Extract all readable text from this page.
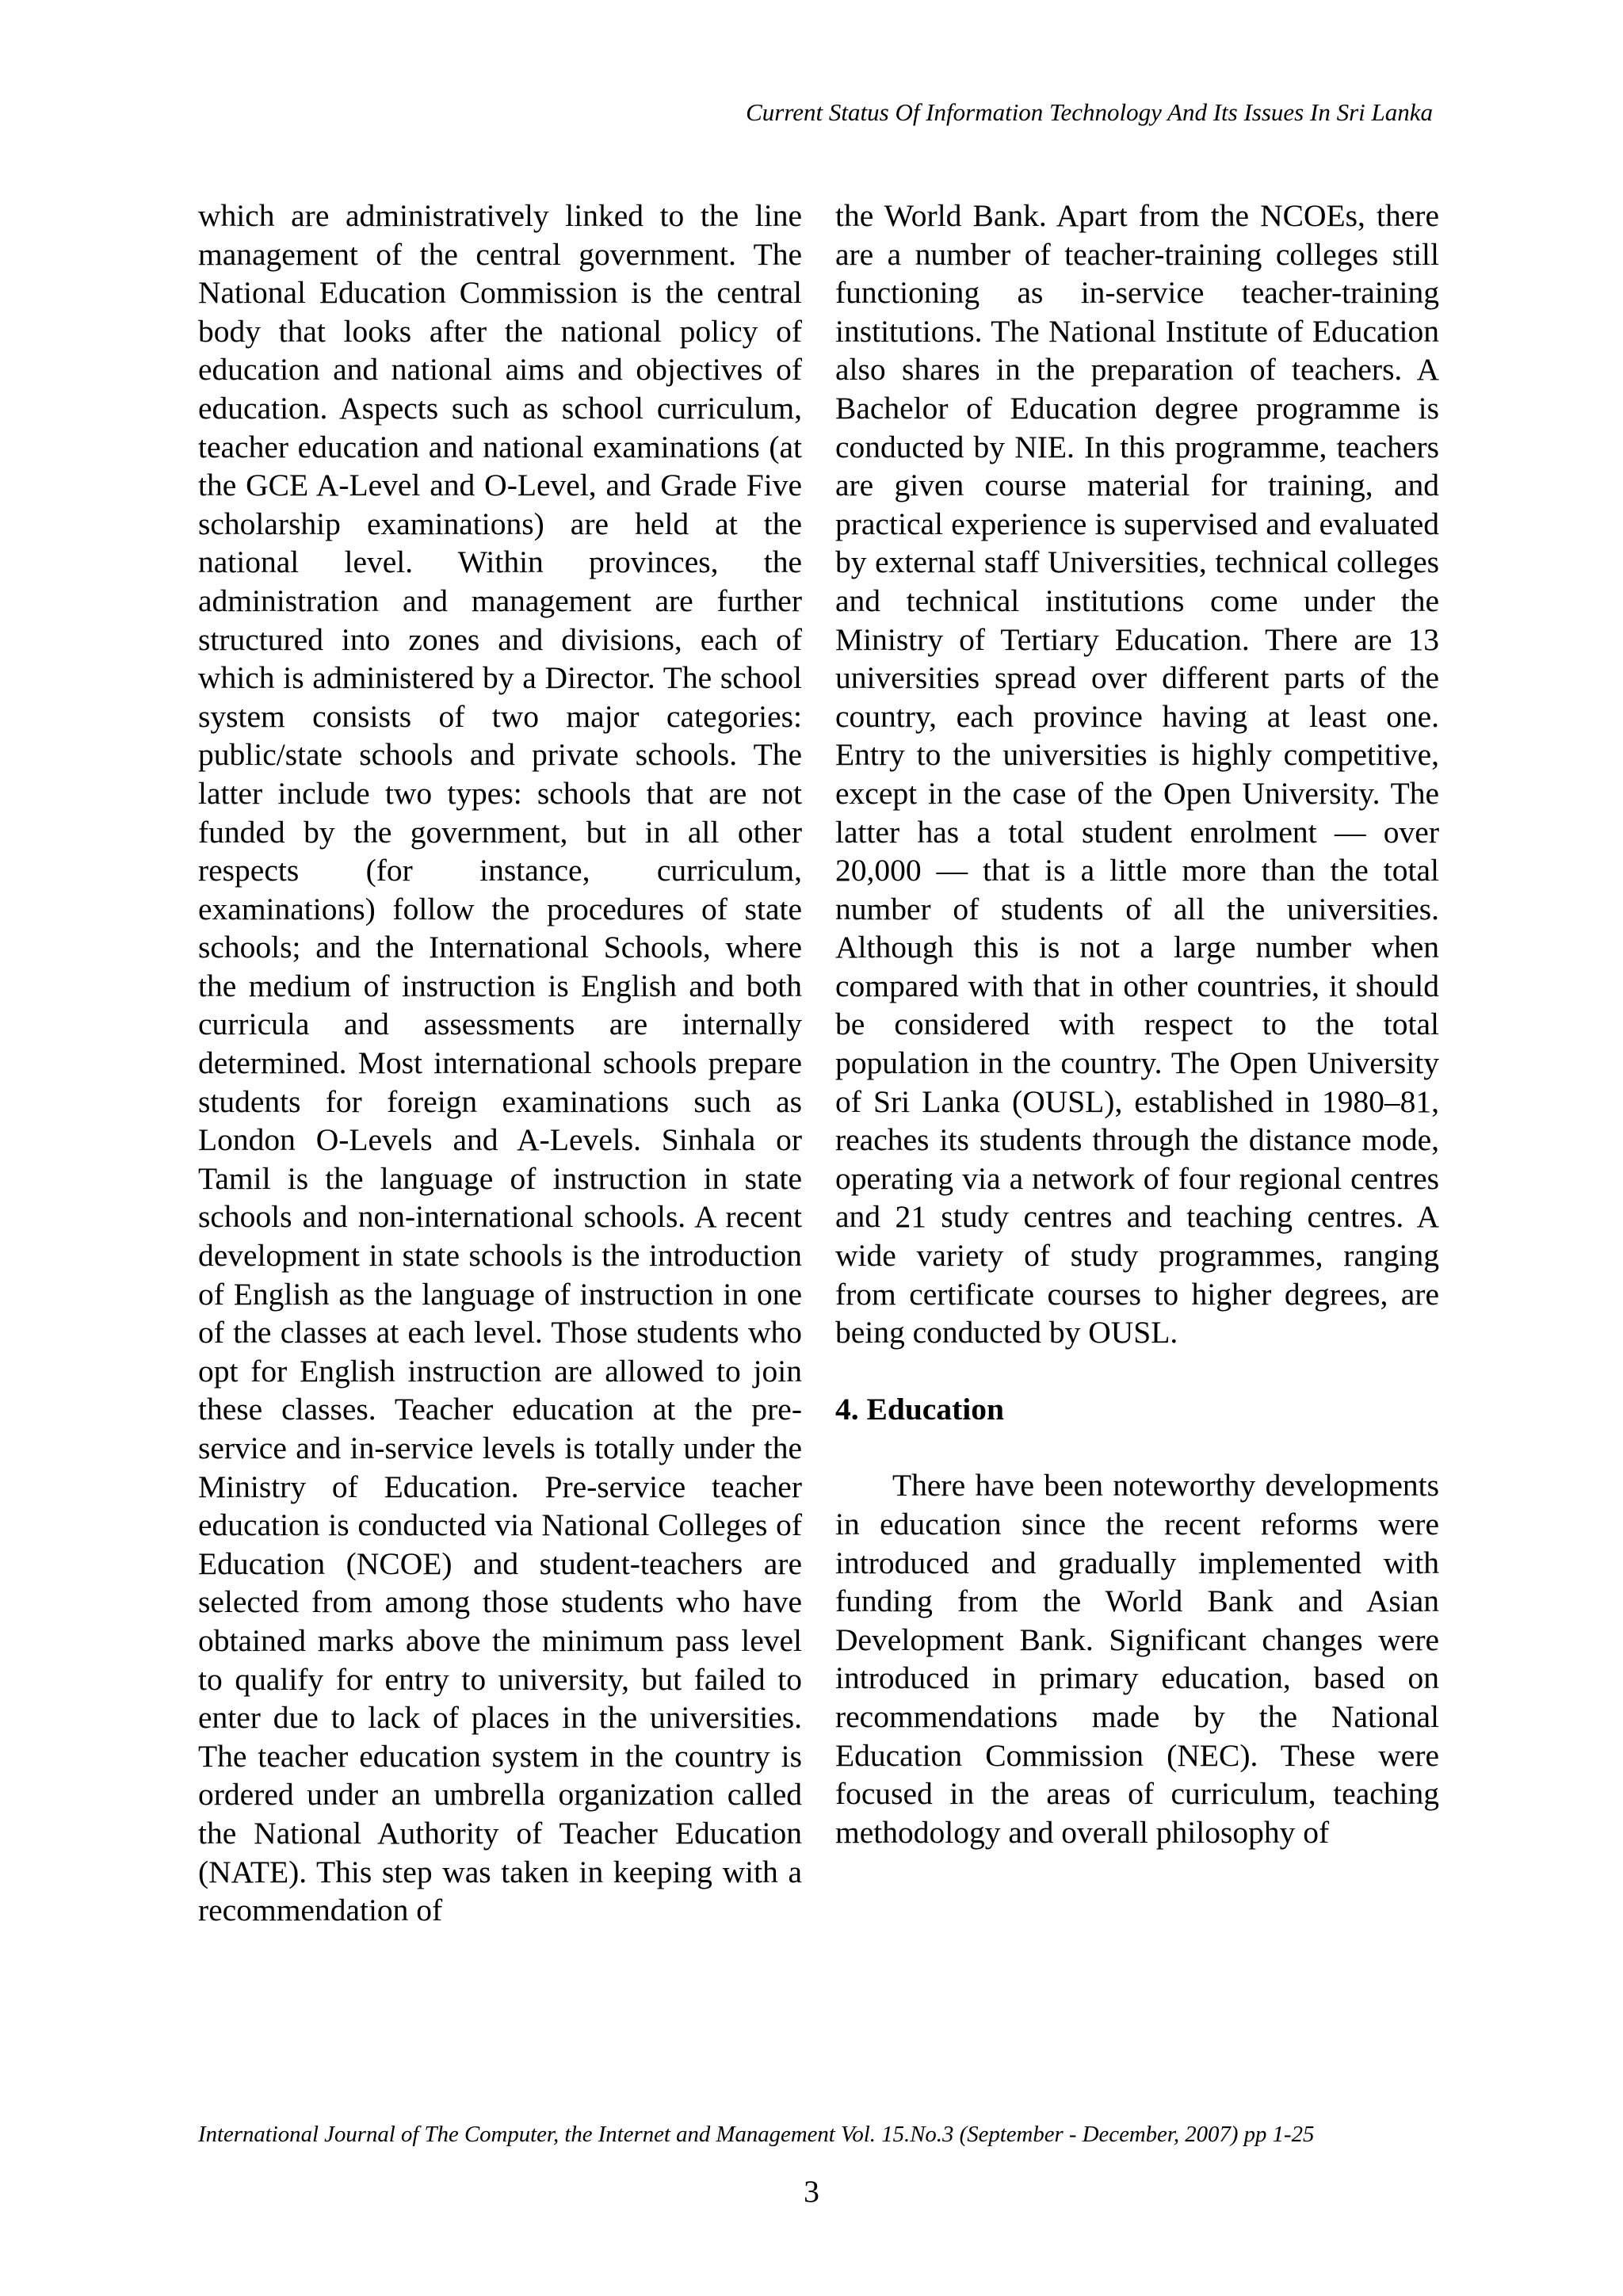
Current Status Of Information Technology And Its Issues In Sri Lanka

which are administratively linked to the line management of the central government. The National Education Commission is the central body that looks after the national policy of education and national aims and objectives of education. Aspects such as school curriculum, teacher education and national examinations (at the GCE A-Level and O-Level, and Grade Five scholarship examinations) are held at the national level. Within provinces, the administration and management are further structured into zones and divisions, each of which is administered by a Director. The school system consists of two major categories: public/state schools and private schools. The latter include two types: schools that are not funded by the government, but in all other respects (for instance, curriculum, examinations) follow the procedures of state schools; and the International Schools, where the medium of instruction is English and both curricula and assessments are internally determined. Most international schools prepare students for foreign examinations such as London O-Levels and A-Levels. Sinhala or Tamil is the language of instruction in state schools and non-international schools. A recent development in state schools is the introduction of English as the language of instruction in one of the classes at each level. Those students who opt for English instruction are allowed to join these classes. Teacher education at the pre-service and in-service levels is totally under the Ministry of Education. Pre-service teacher education is conducted via National Colleges of Education (NCOE) and student-teachers are selected from among those students who have obtained marks above the minimum pass level to qualify for entry to university, but failed to enter due to lack of places in the universities. The teacher education system in the country is ordered under an umbrella organization called the National Authority of Teacher Education (NATE). This step was taken in keeping with a recommendation of

the World Bank. Apart from the NCOEs, there are a number of teacher-training colleges still functioning as in-service teacher-training institutions. The National Institute of Education also shares in the preparation of teachers. A Bachelor of Education degree programme is conducted by NIE. In this programme, teachers are given course material for training, and practical experience is supervised and evaluated by external staff Universities, technical colleges and technical institutions come under the Ministry of Tertiary Education. There are 13 universities spread over different parts of the country, each province having at least one. Entry to the universities is highly competitive, except in the case of the Open University. The latter has a total student enrolment — over 20,000 — that is a little more than the total number of students of all the universities. Although this is not a large number when compared with that in other countries, it should be considered with respect to the total population in the country. The Open University of Sri Lanka (OUSL), established in 1980–81, reaches its students through the distance mode, operating via a network of four regional centres and 21 study centres and teaching centres. A wide variety of study programmes, ranging from certificate courses to higher degrees, are being conducted by OUSL.

4. Education

There have been noteworthy developments in education since the recent reforms were introduced and gradually implemented with funding from the World Bank and Asian Development Bank. Significant changes were introduced in primary education, based on recommendations made by the National Education Commission (NEC). These were focused in the areas of curriculum, teaching methodology and overall philosophy of

International Journal of The Computer, the Internet and Management Vol. 15.No.3 (September - December, 2007) pp 1-25
3
